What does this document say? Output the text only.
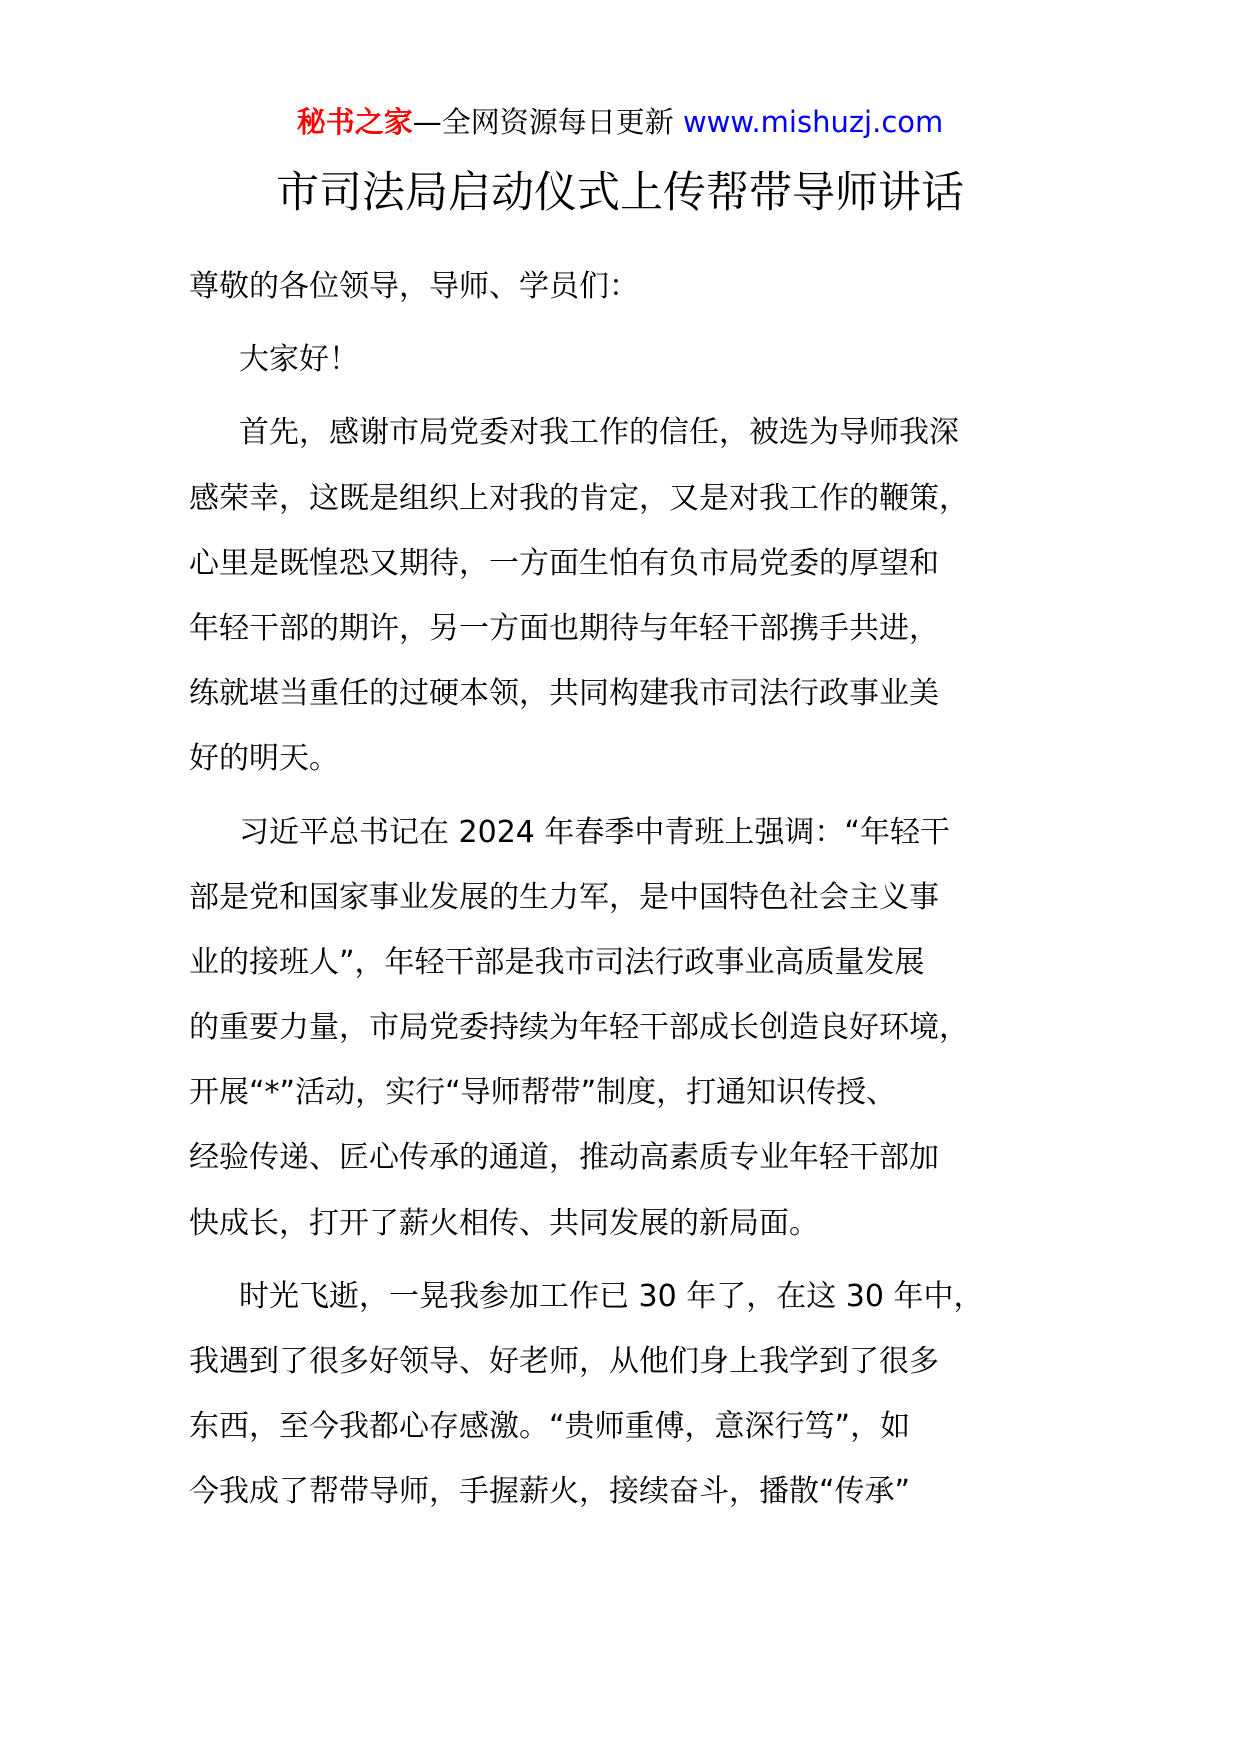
秘书之家—全网资源每日更新 www.mishuzj.com
市司法局启动仪式上传帮带导师讲话
尊敬的各位领导，导师、学员们：
大家好！
首先，感谢市局党委对我工作的信任，被选为导师我深
感荣幸，这既是组织上对我的肯定，又是对我工作的鞭策，
心里是既惶恐又期待，一方面生怕有负市局党委的厚望和
年轻干部的期许，另一方面也期待与年轻干部携手共进，
练就堪当重任的过硬本领，共同构建我市司法行政事业美
好的明天。
习近平总书记在 2024 年春季中青班上强调：“年轻干
部是党和国家事业发展的生力军，是中国特色社会主义事
业的接班人”，年轻干部是我市司法行政事业高质量发展
的重要力量，市局党委持续为年轻干部成长创造良好环境，
开展“*”活动，实行“导师帮带”制度，打通知识传授、
经验传递、匠心传承的通道，推动高素质专业年轻干部加
快成长，打开了薪火相传、共同发展的新局面。
时光飞逝，一晃我参加工作已 30 年了，在这 30 年中，
我遇到了很多好领导、好老师，从他们身上我学到了很多
东西，至今我都心存感激。“贵师重傅，意深行笃”，如
今我成了帮带导师，手握薪火，接续奋斗，播散“传承”
